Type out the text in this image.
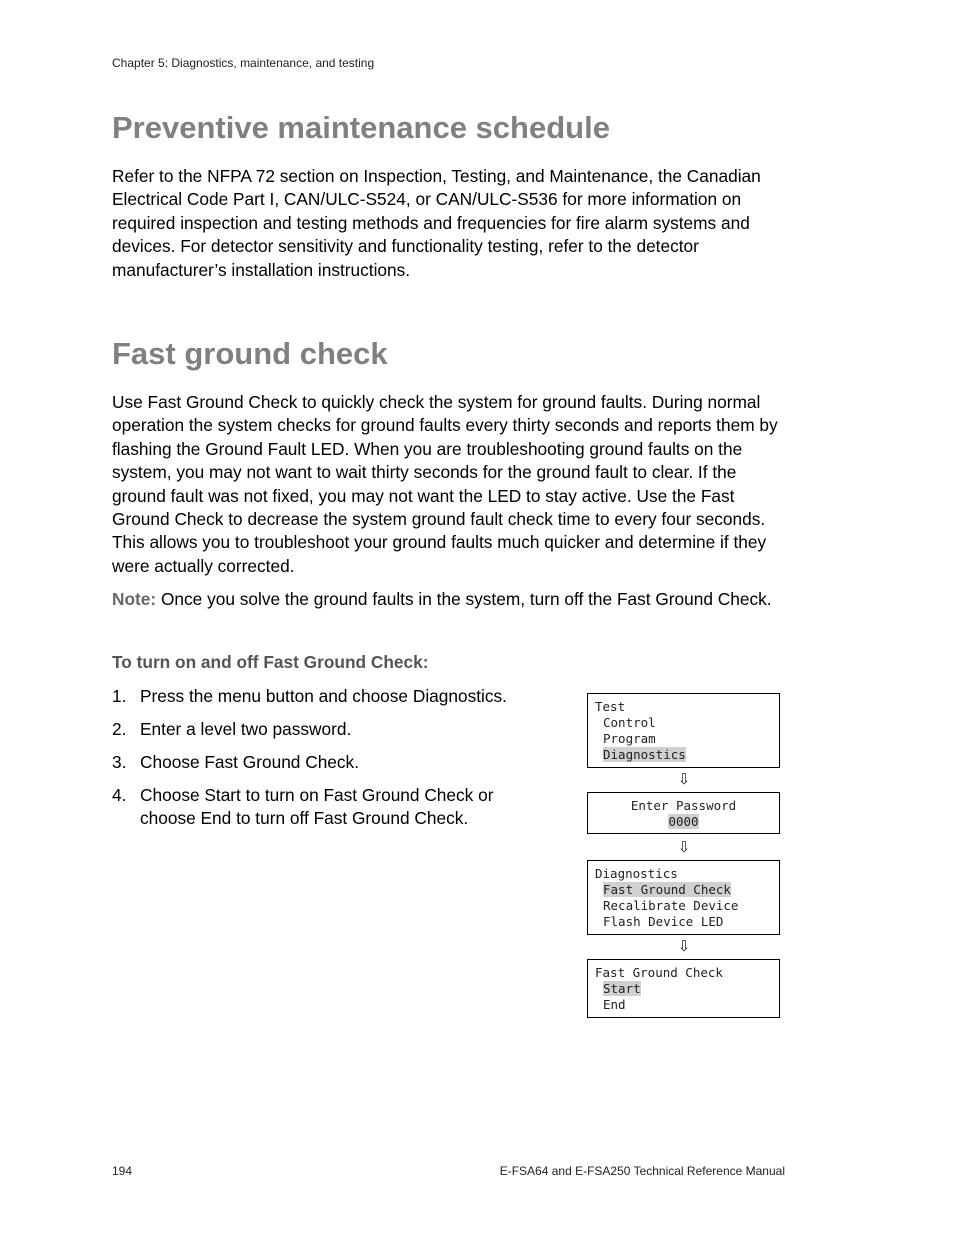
Chapter 5: Diagnostics, maintenance, and testing
Preventive maintenance schedule

Refer to the NFPA 72 section on Inspection, Testing, and Maintenance, the Canadian Electrical Code Part I, CAN/ULC-S524, or CAN/ULC-S536 for more information on required inspection and testing methods and frequencies for fire alarm systems and devices. For detector sensitivity and functionality testing, refer to the detector manufacturer’s installation instructions.

Fast ground check

Use Fast Ground Check to quickly check the system for ground faults. During normal operation the system checks for ground faults every thirty seconds and reports them by flashing the Ground Fault LED. When you are troubleshooting ground faults on the system, you may not want to wait thirty seconds for the ground fault to clear. If the ground fault was not fixed, you may not want the LED to stay active. Use the Fast Ground Check to decrease the system ground fault check time to every four seconds. This allows you to troubleshoot your ground faults much quicker and determine if they were actually corrected.

Note: Once you solve the ground faults in the system, turn off the Fast Ground Check.

To turn on and off Fast Ground Check:

1. Press the menu button and choose Diagnostics.
2. Enter a level two password.
3. Choose Fast Ground Check.
4. Choose Start to turn on Fast Ground Check or choose End to turn off Fast Ground Check.
Test
Control
Program
Diagnostics
⇩
Enter Password
0000
⇩
Diagnostics
Fast Ground Check
Recalibrate Device
Flash Device LED
⇩
Fast Ground Check
Start
End
194	E-FSA64 and E-FSA250 Technical Reference Manual
